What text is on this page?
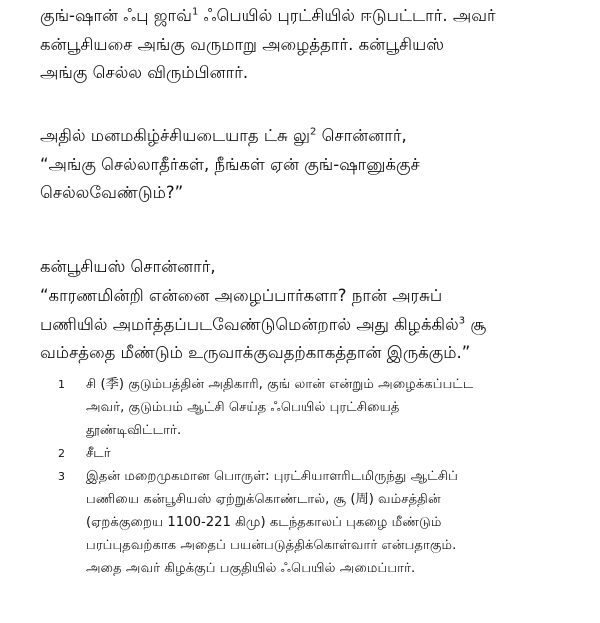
குங்-ஷான் ஃபு ஜாவ்$^1$ ஃபெயில் புரட்சியில் ஈடுபட்டார். அவர்
கன்பூசியசை அங்கு வருமாறு அழைத்தார். கன்பூசியஸ்
அங்கு செல்ல விரும்பினார்.
அதில் மனமகிழ்ச்சியடையாத ட்சு லு$^2$ சொன்னார்,
“அங்கு செல்லாதீர்கள், நீங்கள் ஏன் குங்-ஷானுக்குச்
செல்லவேண்டும்?”
கன்பூசியஸ் சொன்னார்,
“காரணமின்றி என்னை அழைப்பார்களா? நான் அரசுப்
பணியில் அமர்த்தப்படவேண்டுமென்றால் அது கிழக்கில்$^3$ சூ
வம்சத்தை மீண்டும் உருவாக்குவதற்காகத்தான் இருக்கும்.”
1	சி (季) குடும்பத்தின் அதிகாரி, குங் லான் என்றும் அழைக்கப்பட்ட
அவர், குடும்பம் ஆட்சி செய்த ஃபெயில் புரட்சியைத்
தூண்டிவிட்டார்.
2	சீடர்
3	இதன் மறைமுகமான பொருள்: புரட்சியாளரிடமிருந்து ஆட்சிப்
பணியை கன்பூசியஸ் ஏற்றுக்கொண்டால், சூ (周) வம்சத்தின்
(ஏறக்குறைய 1100-221 கிமு) கடந்தகாலப் புகழை மீண்டும்
பரப்புதவற்காக அதைப் பயன்படுத்திக்கொள்வார் என்பதாகும்.
அதை அவர் கிழக்குப் பகுதியில் ஃபெயில் அமைப்பார்.
